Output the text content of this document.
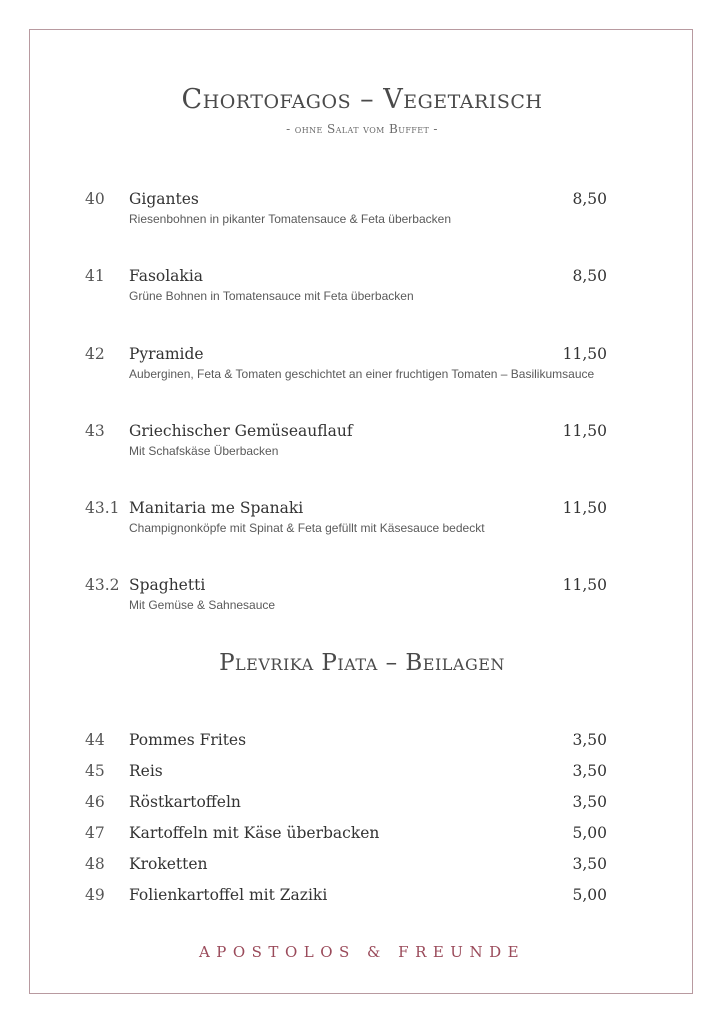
Chortofagos – Vegetarisch
- ohne Salat vom Buffet -
40 Gigantes	8,50
Riesenbohnen in pikanter Tomatensauce & Feta überbacken
41 Fasolakia	8,50
Grüne Bohnen in Tomatensauce mit Feta überbacken
42 Pyramide	11,50
Auberginen, Feta & Tomaten geschichtet an einer fruchtigen Tomaten – Basilikumsauce
43 Griechischer Gemüseauflauf	11,50
Mit Schafskäse Überbacken
43.1 Manitaria me Spanaki	11,50
Champignonköpfe mit Spinat & Feta gefüllt mit Käsesauce bedeckt
43.2 Spaghetti	11,50
Mit Gemüse & Sahnesauce
Plevrika Piata – Beilagen
44 Pommes Frites	3,50
45 Reis	3,50
46 Röstkartoffeln	3,50
47 Kartoffeln mit Käse überbacken	5,00
48 Kroketten	3,50
49 Folienkartoffel mit Zaziki	5,00
APOSTOLOS & FREUNDE
